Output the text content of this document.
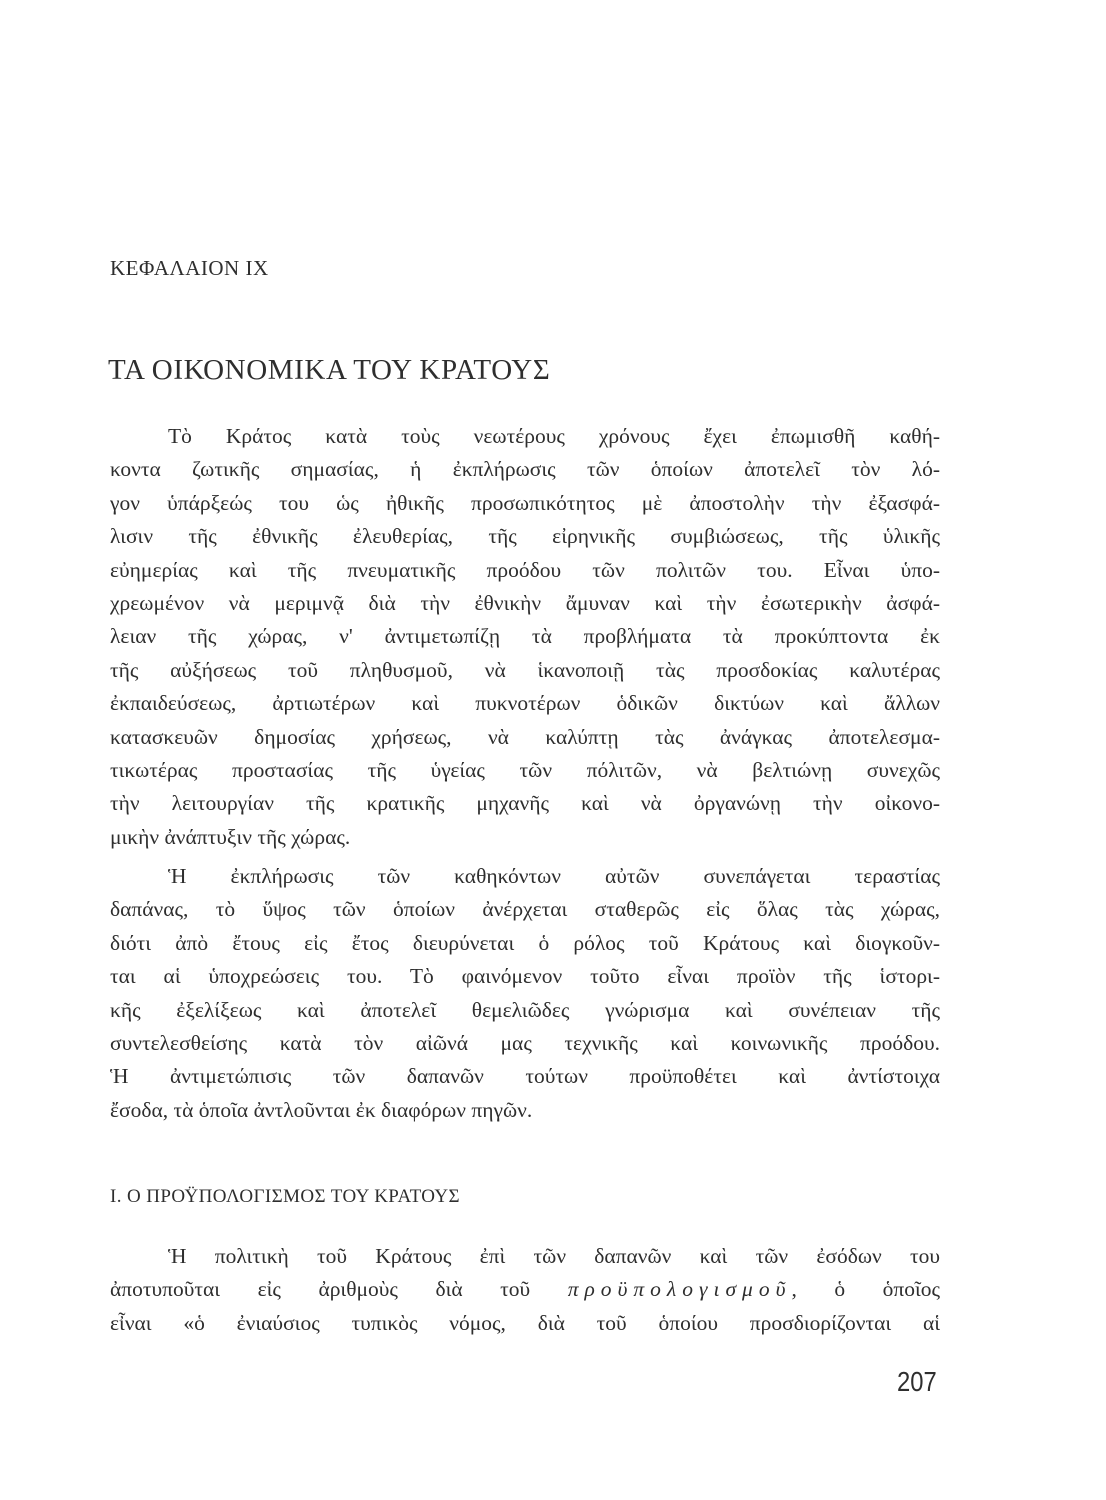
ΚΕΦΑΛΑΙΟΝ ΙΧ
ΤΑ ΟΙΚΟΝΟΜΙΚΑ ΤΟΥ ΚΡΑΤΟΥΣ
Τὸ Κράτος κατὰ τοὺς νεωτέρους χρόνους ἔχει ἐπωμισθῆ καθή-
κοντα ζωτικῆς σημασίας, ἡ ἐκπλήρωσις τῶν ὁποίων ἀποτελεῖ τὸν λό-
γον ὑπάρξεώς του ὡς ἠθικῆς προσωπικότητος μὲ ἀποστολὴν τὴν ἐξασφά-
λισιν τῆς ἐθνικῆς ἐλευθερίας, τῆς εἰρηνικῆς συμβιώσεως, τῆς ὑλικῆς
εὐημερίας καὶ τῆς πνευματικῆς προόδου τῶν πολιτῶν του. Εἶναι ὑπο-
χρεωμένον νὰ μεριμνᾷ διὰ τὴν ἐθνικὴν ἄμυναν καὶ τὴν ἐσωτερικὴν ἀσφά-
λειαν τῆς χώρας, ν' ἀντιμετωπίζῃ τὰ προβλήματα τὰ προκύπτοντα ἐκ
τῆς αὐξήσεως τοῦ πληθυσμοῦ, νὰ ἱκανοποιῇ τὰς προσδοκίας καλυτέρας
ἐκπαιδεύσεως, ἀρτιωτέρων καὶ πυκνοτέρων ὁδικῶν δικτύων καὶ ἄλλων
κατασκευῶν δημοσίας χρήσεως, νὰ καλύπτῃ τὰς ἀνάγκας ἀποτελεσμα-
τικωτέρας προστασίας τῆς ὑγείας τῶν πόλιτῶν, νὰ βελτιώνῃ συνεχῶς
τὴν λειτουργίαν τῆς κρατικῆς μηχανῆς καὶ νὰ ὀργανώνῃ τὴν οἰκονο-
μικὴν ἀνάπτυξιν τῆς χώρας.
Ἡ ἐκπλήρωσις τῶν καθηκόντων αὐτῶν συνεπάγεται τεραστίας
δαπάνας, τὸ ὕψος τῶν ὁποίων ἀνέρχεται σταθερῶς εἰς ὅλας τὰς χώρας,
διότι ἀπὸ ἔτους εἰς ἔτος διευρύνεται ὁ ρόλος τοῦ Κράτους καὶ διογκοῦν-
ται αἱ ὑποχρεώσεις του. Τὸ φαινόμενον τοῦτο εἶναι προϊὸν τῆς ἱστορι-
κῆς ἐξελίξεως καὶ ἀποτελεῖ θεμελιῶδες γνώρισμα καὶ συνέπειαν τῆς
συντελεσθείσης κατὰ τὸν αἰῶνά μας τεχνικῆς καὶ κοινωνικῆς προόδου.
Ἡ ἀντιμετώπισις τῶν δαπανῶν τούτων προϋποθέτει καὶ ἀντίστοιχα
ἔσοδα, τὰ ὁποῖα ἀντλοῦνται ἐκ διαφόρων πηγῶν.
Ι. Ο ΠΡΟΫΠΟΛΟΓΙΣΜΟΣ ΤΟΥ ΚΡΑΤΟΥΣ
Ἡ πολιτικὴ τοῦ Κράτους ἐπὶ τῶν δαπανῶν καὶ τῶν ἐσόδων του
ἀποτυποῦται εἰς ἀριθμοὺς διὰ τοῦ προϋπολογισμοῦ, ὁ ὁποῖος
εἶναι «ὁ ἐνιαύσιος τυπικὸς νόμος, διὰ τοῦ ὁποίου προσδιορίζονται αἱ
207
